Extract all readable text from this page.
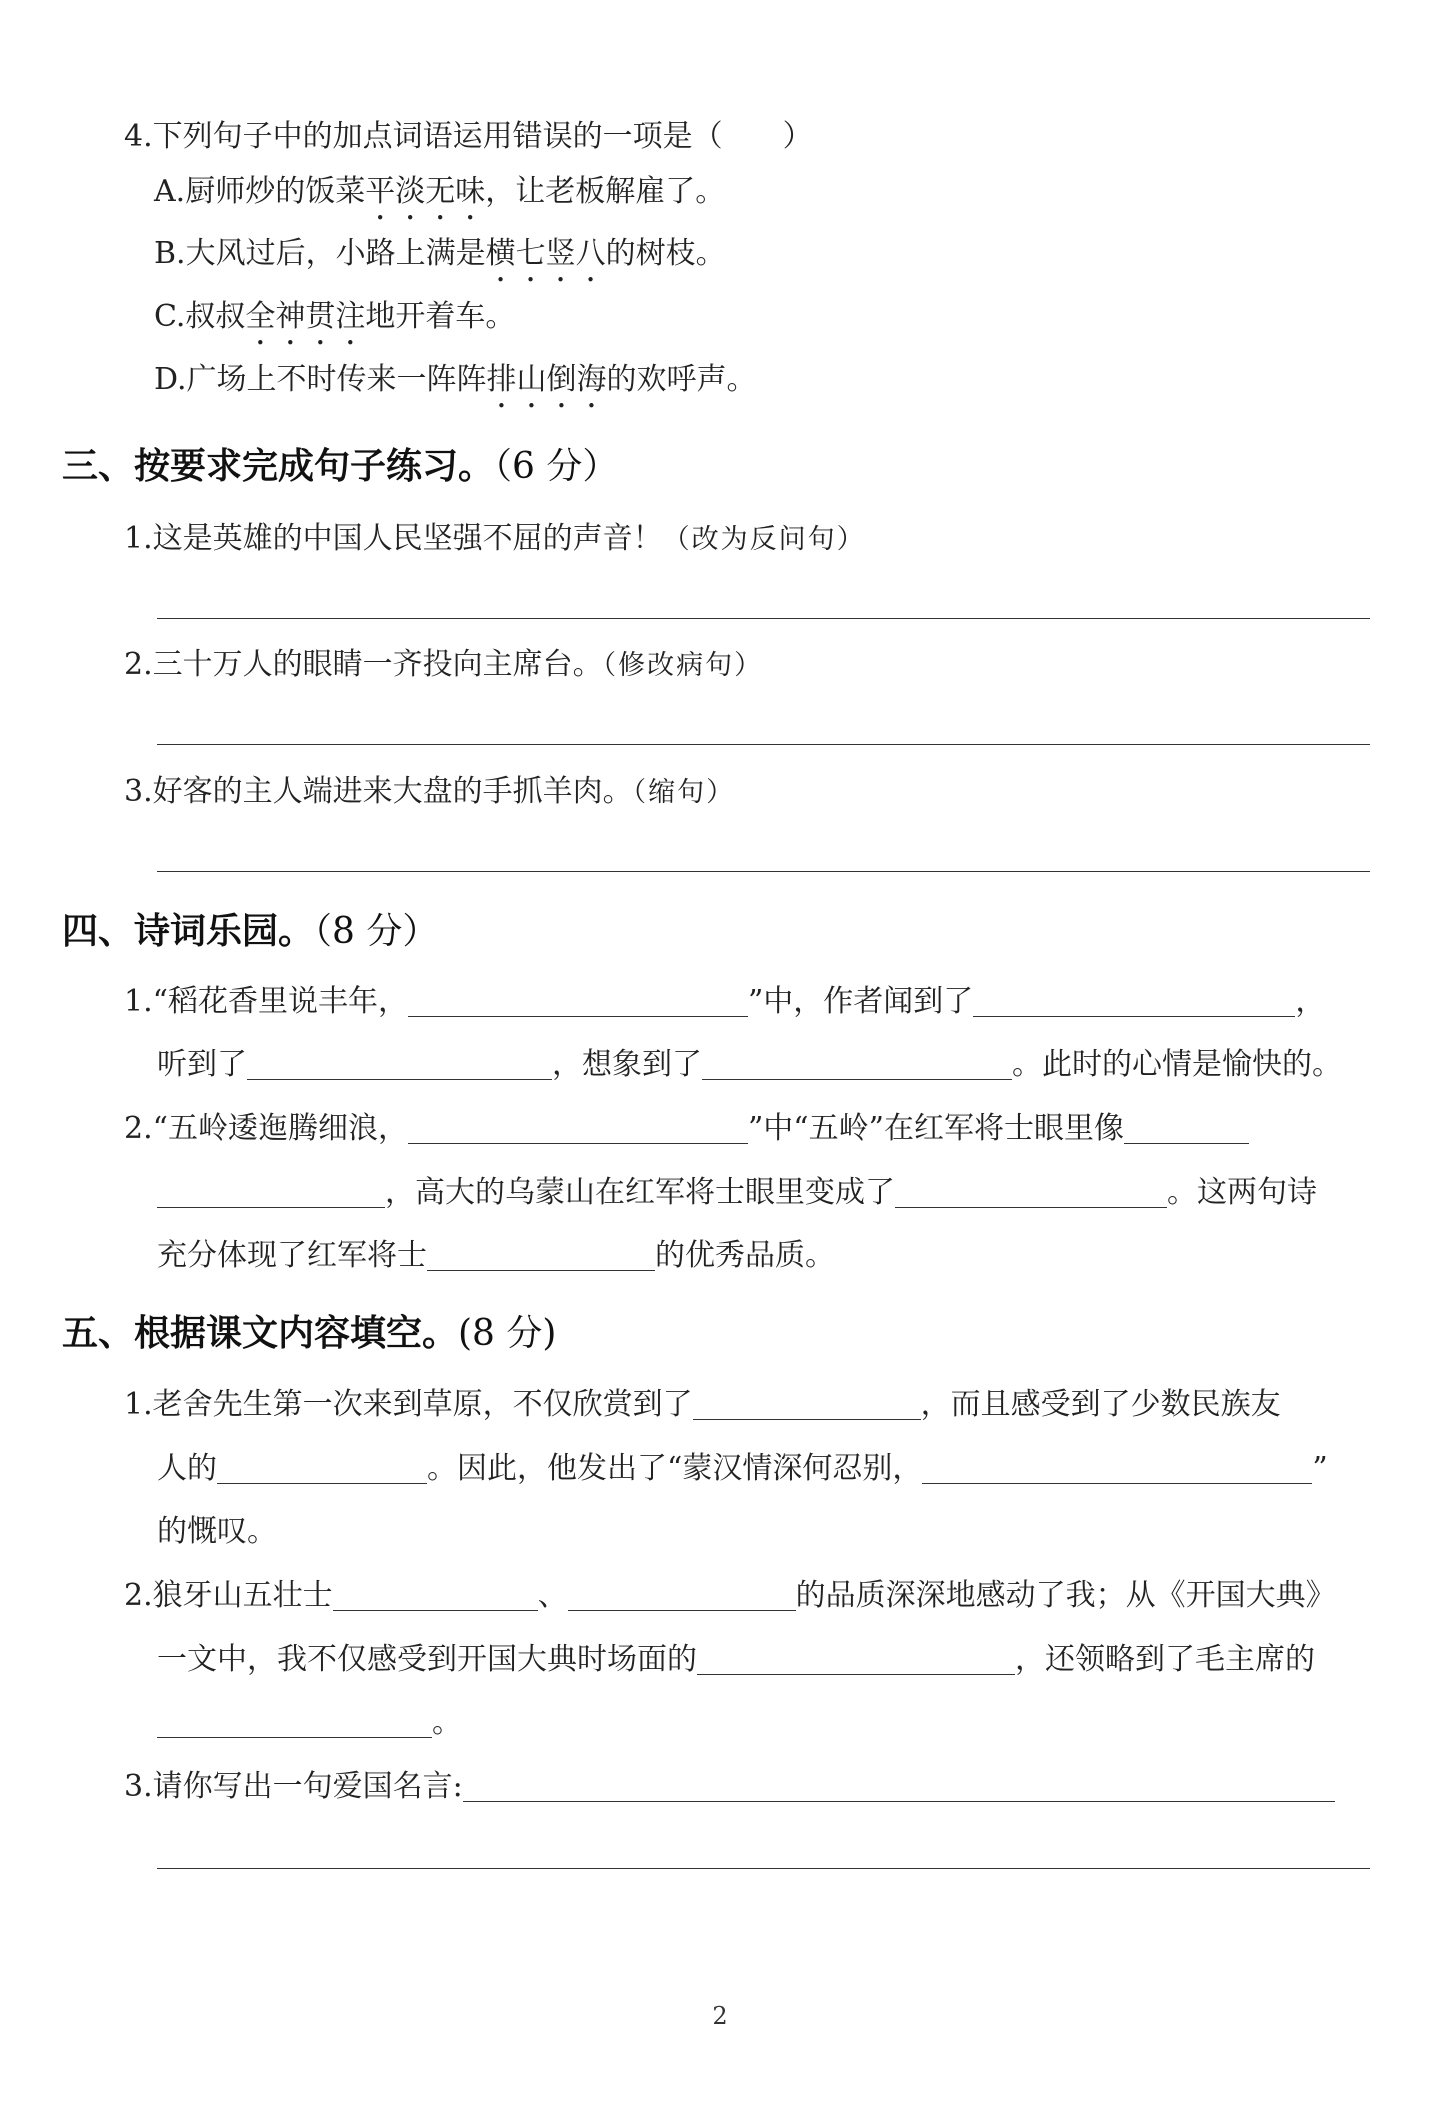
4.下列句子中的加点词语运用错误的一项是（　　）
A.厨师炒的饭菜平淡无味，让老板解雇了。
B.大风过后，小路上满是横七竖八的树枝。
C.叔叔全神贯注地开着车。
D.广场上不时传来一阵阵排山倒海的欢呼声。
三、按要求完成句子练习。（6 分）
1.这是英雄的中国人民坚强不屈的声音！（改为反问句）
2.三十万人的眼睛一齐投向主席台。（修改病句）
3.好客的主人端进来大盘的手抓羊肉。（缩句）
四、诗词乐园。（8 分）
1.“稻花香里说丰年，	”中，作者闻到了	，
听到了	，想象到了	。此时的心情是愉快的。
2.“五岭逶迤腾细浪，	”中“五岭”在红军将士眼里像
，高大的乌蒙山在红军将士眼里变成了	。这两句诗
充分体现了红军将士	的优秀品质。
五、根据课文内容填空。(8 分)
1.老舍先生第一次来到草原，不仅欣赏到了	，而且感受到了少数民族友
人的	。因此，他发出了“蒙汉情深何忍别，	”
的慨叹。
2.狼牙山五壮士	、	的品质深深地感动了我；从《开国大典》
一文中，我不仅感受到开国大典时场面的	，还领略到了毛主席的
。
3.请你写出一句爱国名言:
2
